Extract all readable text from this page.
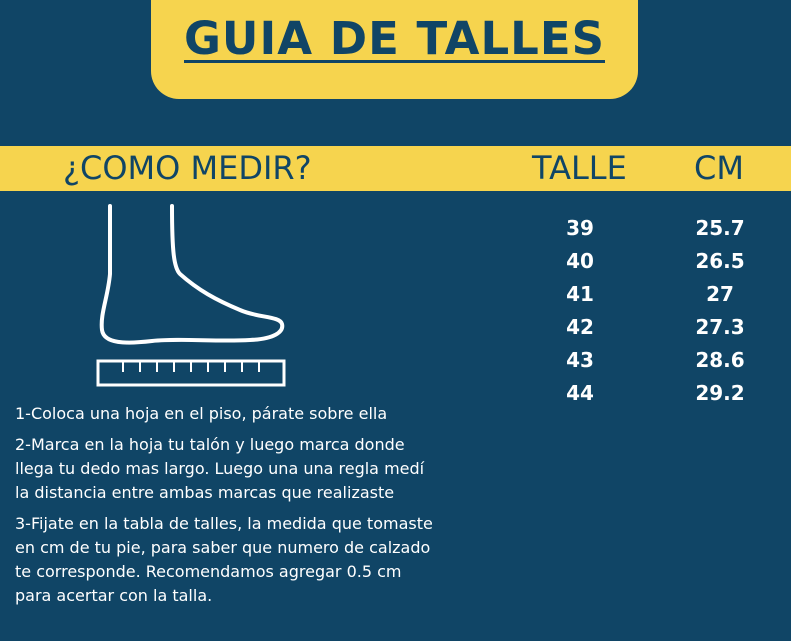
GUIA DE TALLES
¿COMO MEDIR?	TALLE CM
39	25.7
40	26.5
41	27
42	27.3
43	28.6
44	29.2

1-Coloca una hoja en el piso, párate sobre ella

2-Marca en la hoja tu talón y luego marca donde
llega tu dedo mas largo. Luego una una regla medí
la distancia entre ambas marcas que realizaste

3-Fijate en la tabla de talles, la medida que tomaste
en cm de tu pie, para saber que numero de calzado
te corresponde. Recomendamos agregar 0.5 cm
para acertar con la talla.
